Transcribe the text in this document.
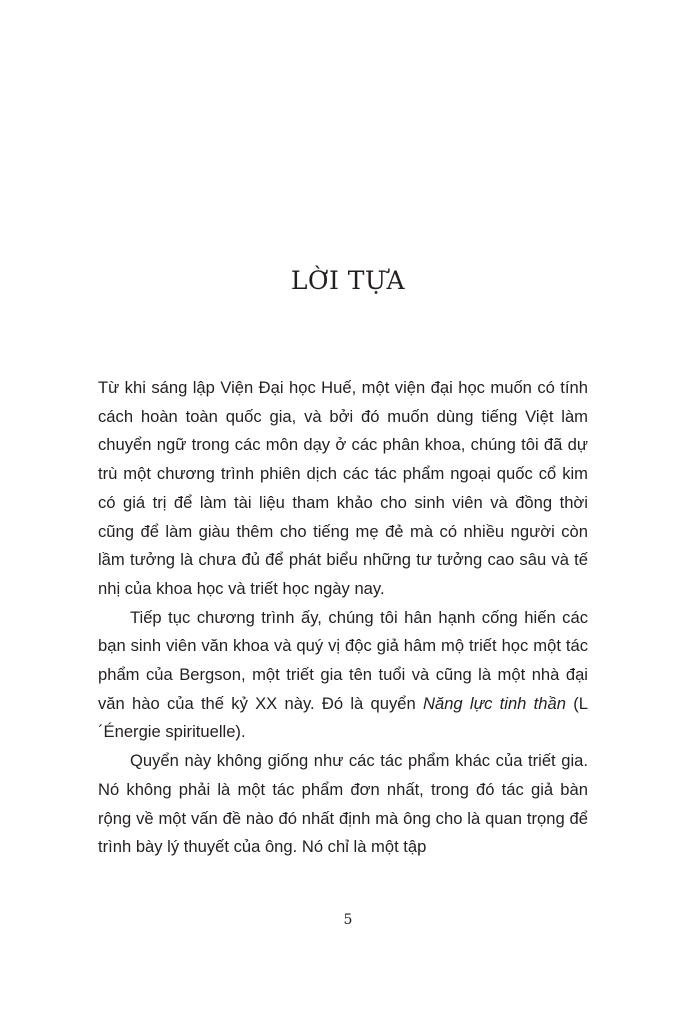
LỜI TỰA

Từ khi sáng lập Viện Đại học Huế, một viện đại học muốn có tính cách hoàn toàn quốc gia, và bởi đó muốn dùng tiếng Việt làm chuyển ngữ trong các môn dạy ở các phân khoa, chúng tôi đã dự trù một chương trình phiên dịch các tác phẩm ngoại quốc cổ kim có giá trị để làm tài liệu tham khảo cho sinh viên và đồng thời cũng để làm giàu thêm cho tiếng mẹ đẻ mà có nhiều người còn lầm tưởng là chưa đủ để phát biểu những tư tưởng cao sâu và tế nhị của khoa học và triết học ngày nay.

Tiếp tục chương trình ấy, chúng tôi hân hạnh cống hiến các bạn sinh viên văn khoa và quý vị độc giả hâm mộ triết học một tác phẩm của Bergson, một triết gia tên tuổi và cũng là một nhà đại văn hào của thế kỷ XX này. Đó là quyển Năng lực tinh thần (L´Énergie spirituelle).

Quyển này không giống như các tác phẩm khác của triết gia. Nó không phải là một tác phẩm đơn nhất, trong đó tác giả bàn rộng về một vấn đề nào đó nhất định mà ông cho là quan trọng để trình bày lý thuyết của ông. Nó chỉ là một tập

5
